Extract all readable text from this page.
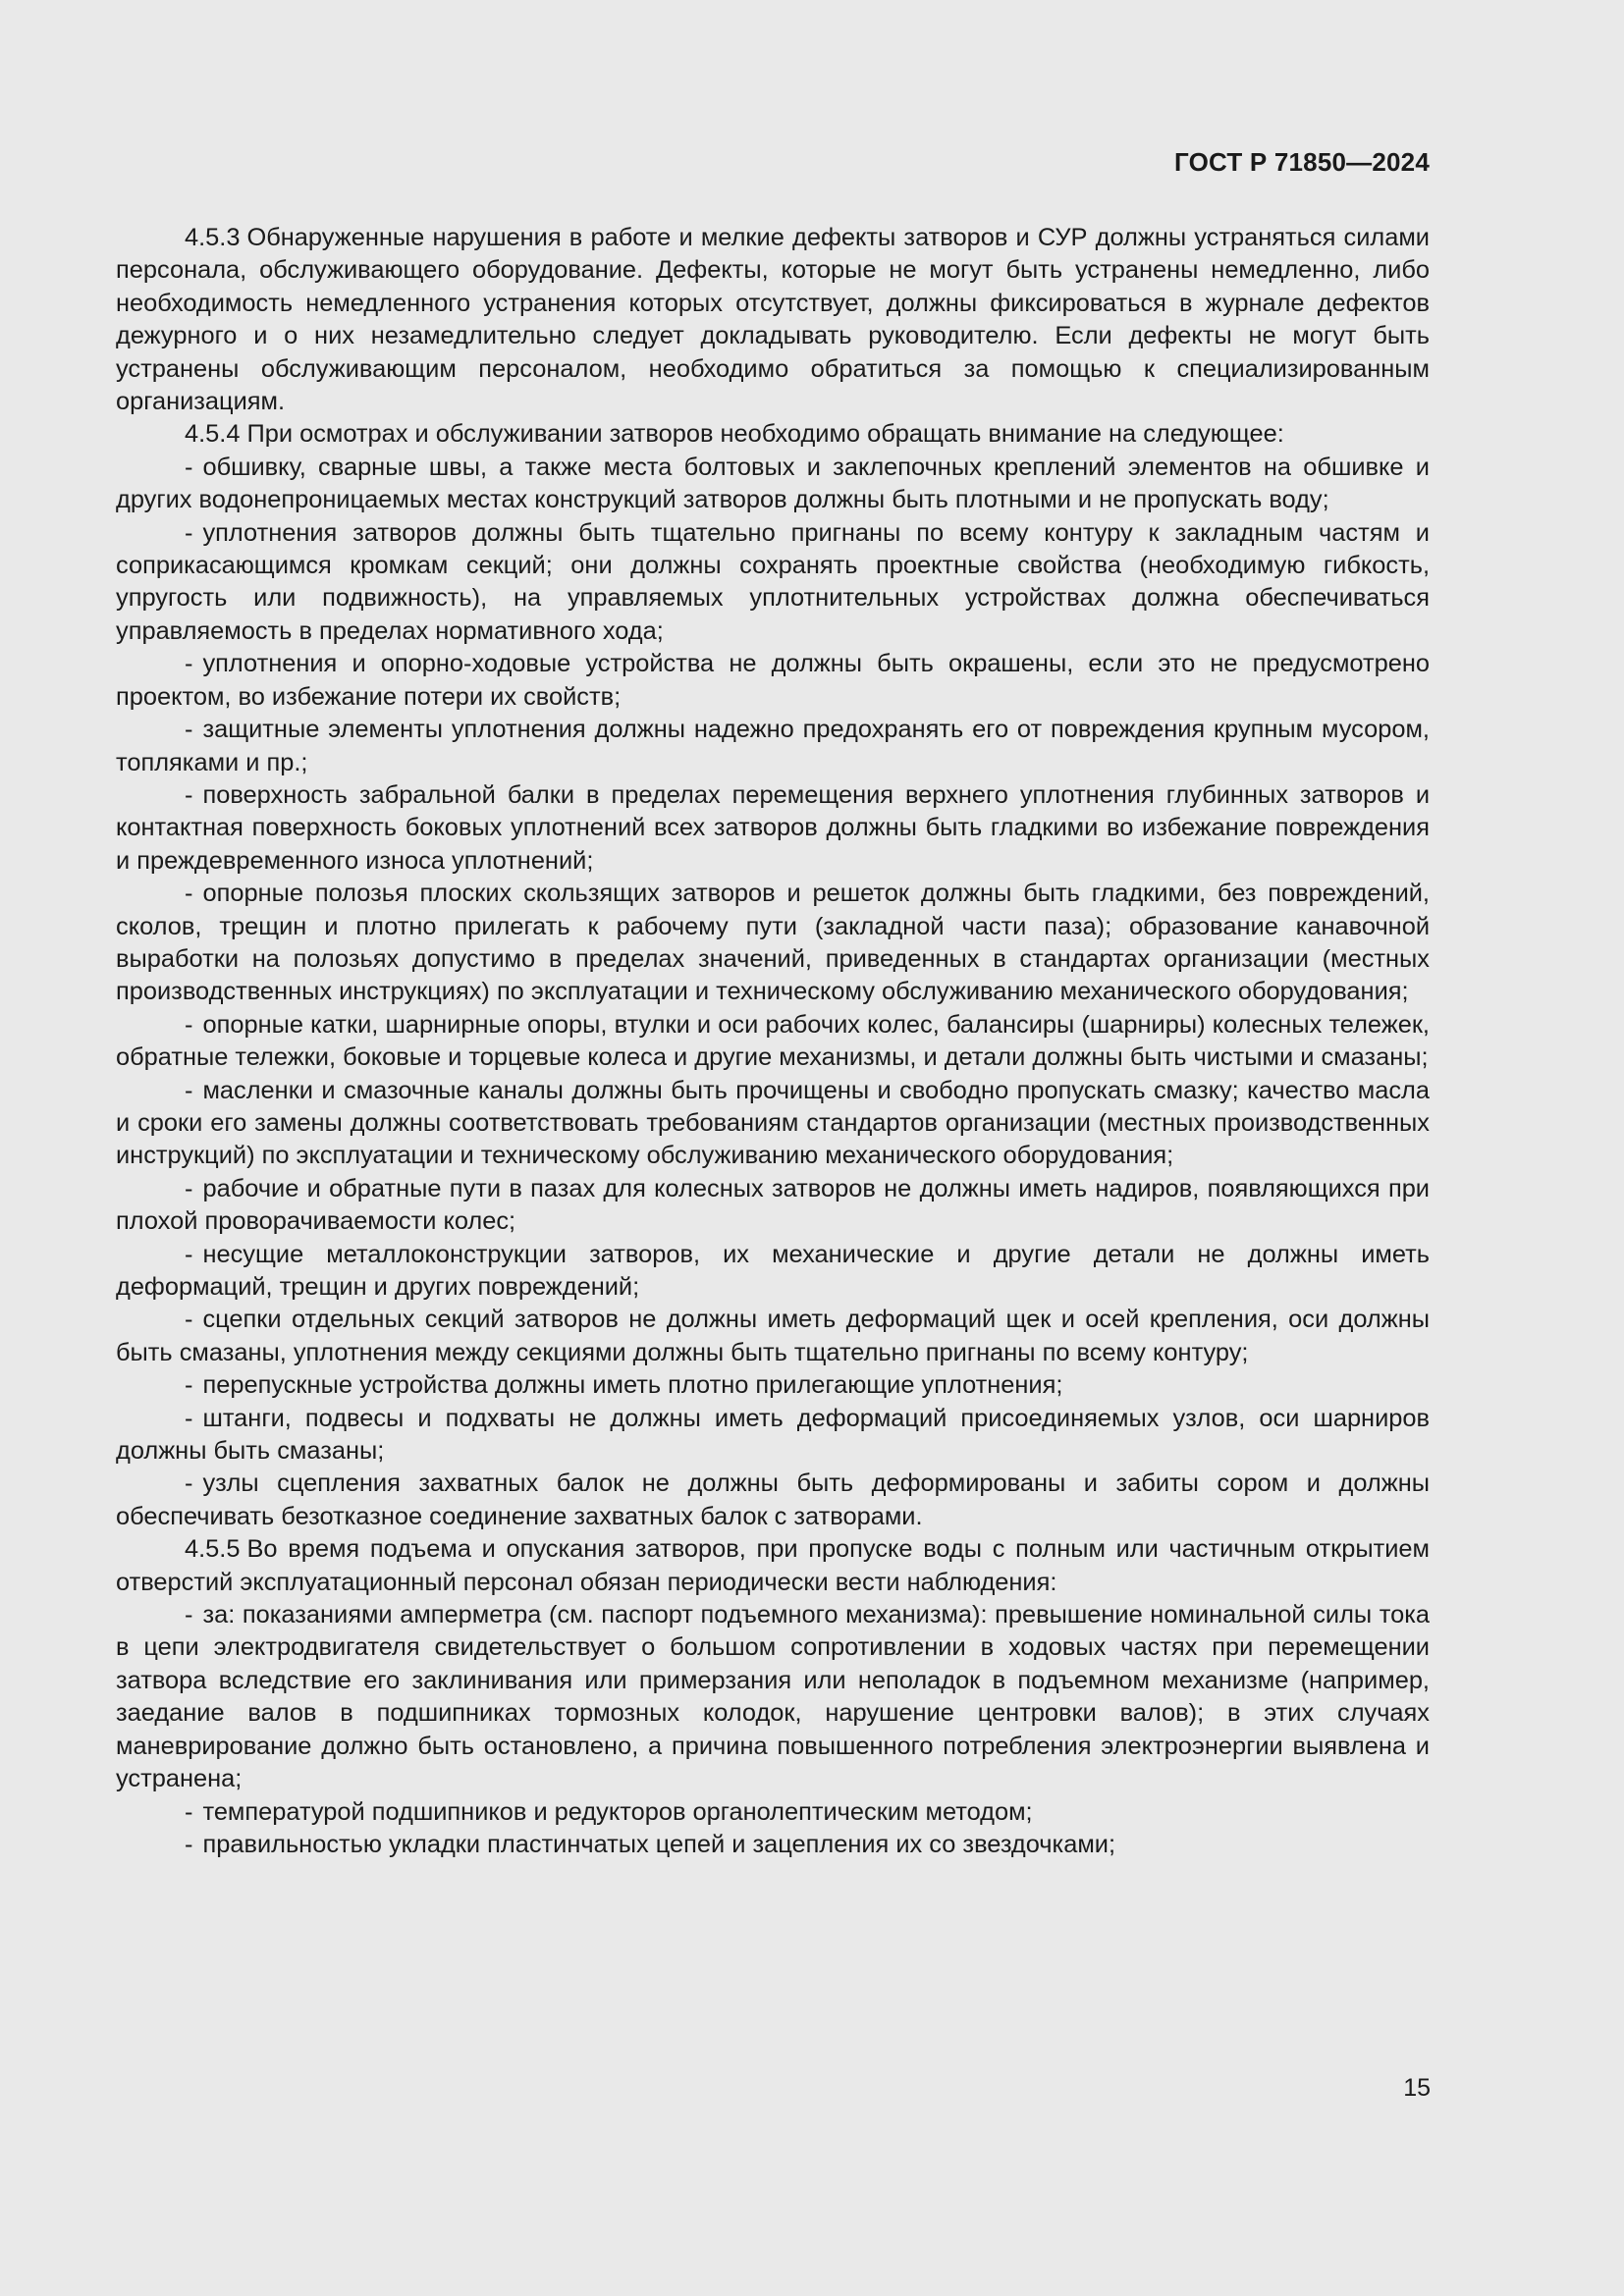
ГОСТ Р 71850—2024

4.5.3 Обнаруженные нарушения в работе и мелкие дефекты затворов и СУР должны устраняться силами персонала, обслуживающего оборудование. Дефекты, которые не могут быть устранены немедленно, либо необходимость немедленного устранения которых отсутствует, должны фиксироваться в журнале дефектов дежурного и о них незамедлительно следует докладывать руководителю. Если дефекты не могут быть устранены обслуживающим персоналом, необходимо обратиться за помощью к специализированным организациям.

4.5.4 При осмотрах и обслуживании затворов необходимо обращать внимание на следующее:

- обшивку, сварные швы, а также места болтовых и заклепочных креплений элементов на обшивке и других водонепроницаемых местах конструкций затворов должны быть плотными и не пропускать воду;

- уплотнения затворов должны быть тщательно пригнаны по всему контуру к закладным частям и соприкасающимся кромкам секций; они должны сохранять проектные свойства (необходимую гибкость, упругость или подвижность), на управляемых уплотнительных устройствах должна обеспечиваться управляемость в пределах нормативного хода;

- уплотнения и опорно-ходовые устройства не должны быть окрашены, если это не предусмотрено проектом, во избежание потери их свойств;

- защитные элементы уплотнения должны надежно предохранять его от повреждения крупным мусором, топляками и пр.;

- поверхность забральной балки в пределах перемещения верхнего уплотнения глубинных затворов и контактная поверхность боковых уплотнений всех затворов должны быть гладкими во избежание повреждения и преждевременного износа уплотнений;

- опорные полозья плоских скользящих затворов и решеток должны быть гладкими, без повреждений, сколов, трещин и плотно прилегать к рабочему пути (закладной части паза); образование канавочной выработки на полозьях допустимо в пределах значений, приведенных в стандартах организации (местных производственных инструкциях) по эксплуатации и техническому обслуживанию механического оборудования;

- опорные катки, шарнирные опоры, втулки и оси рабочих колес, балансиры (шарниры) колесных тележек, обратные тележки, боковые и торцевые колеса и другие механизмы, и детали должны быть чистыми и смазаны;

- масленки и смазочные каналы должны быть прочищены и свободно пропускать смазку; качество масла и сроки его замены должны соответствовать требованиям стандартов организации (местных производственных инструкций) по эксплуатации и техническому обслуживанию механического оборудования;

- рабочие и обратные пути в пазах для колесных затворов не должны иметь надиров, появляющихся при плохой проворачиваемости колес;

- несущие металлоконструкции затворов, их механические и другие детали не должны иметь деформаций, трещин и других повреждений;

- сцепки отдельных секций затворов не должны иметь деформаций щек и осей крепления, оси должны быть смазаны, уплотнения между секциями должны быть тщательно пригнаны по всему контуру;

- перепускные устройства должны иметь плотно прилегающие уплотнения;

- штанги, подвесы и подхваты не должны иметь деформаций присоединяемых узлов, оси шарниров должны быть смазаны;

- узлы сцепления захватных балок не должны быть деформированы и забиты сором и должны обеспечивать безотказное соединение захватных балок с затворами.

4.5.5 Во время подъема и опускания затворов, при пропуске воды с полным или частичным открытием отверстий эксплуатационный персонал обязан периодически вести наблюдения:

- за: показаниями амперметра (см. паспорт подъемного механизма): превышение номинальной силы тока в цепи электродвигателя свидетельствует о большом сопротивлении в ходовых частях при перемещении затвора вследствие его заклинивания или примерзания или неполадок в подъемном механизме (например, заедание валов в подшипниках тормозных колодок, нарушение центровки валов); в этих случаях маневрирование должно быть остановлено, а причина повышенного потребления электроэнергии выявлена и устранена;

- температурой подшипников и редукторов органолептическим методом;

- правильностью укладки пластинчатых цепей и зацепления их со звездочками;

15
